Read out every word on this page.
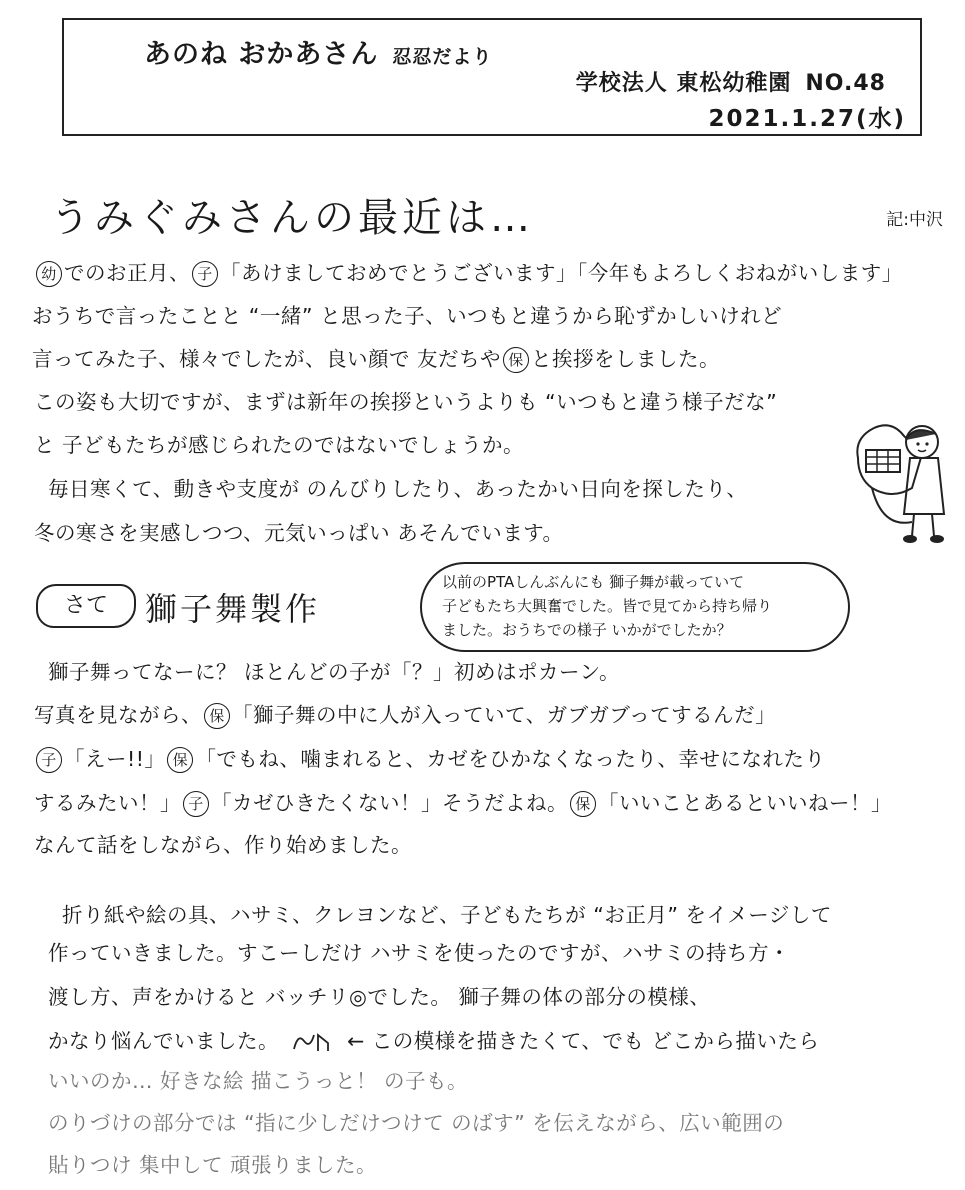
あのね おかあさん 忍忍だより
学校法人 東松幼稚園 NO.48
2021.1.27(水)
うみぐみさんの最近は…	記:中沢
幼 でのお正月、 子 「あけましておめでとうございます」「今年もよろしくおねがいします」
おうちで言ったことと “一緒” と思った子、いつもと違うから恥ずかしいけれど
言ってみた子、様々でしたが、良い顔で 友だちや 保 と挨拶をしました。
この姿も大切ですが、まずは新年の挨拶というよりも “いつもと違う様子だな”
と 子どもたちが感じられたのではないでしょうか。
毎日寒くて、動きや支度が のんびりしたり、あったかい日向を探したり、
冬の寒さを実感しつつ、元気いっぱい あそんでいます。
さて	獅子舞製作
以前のPTAしんぶんにも 獅子舞が載っていて
子どもたち大興奮でした。皆で見てから持ち帰り
ました。おうちでの様子 いかがでしたか？
獅子舞ってなーに？ ほとんどの子が「？」初めはポカーン。
写真を見ながら、 保 「獅子舞の中に人が入っていて、ガブガブってするんだ」
子 「えー!!」 保 「でもね、噛まれると、カゼをひかなくなったり、幸せになれたり
するみたい！」 子 「カゼひきたくない！」そうだよね。 保 「いいことあるといいねー！」
なんて話をしながら、作り始めました。
折り紙や絵の具、ハサミ、クレヨンなど、子どもたちが “お正月” をイメージして
作っていきました。すこーしだけ ハサミを使ったのですが、ハサミの持ち方・
渡し方、声をかけると バッチリ◎でした。 獅子舞の体の部分の模様、
かなり悩んでいました。	← この模様を描きたくて、でも どこから描いたら
いいのか… 好きな絵 描こうっと！ の子も。
のりづけの部分では “指に少しだけつけて のばす” を伝えながら、広い範囲の
貼りつけ 集中して 頑張りました。
